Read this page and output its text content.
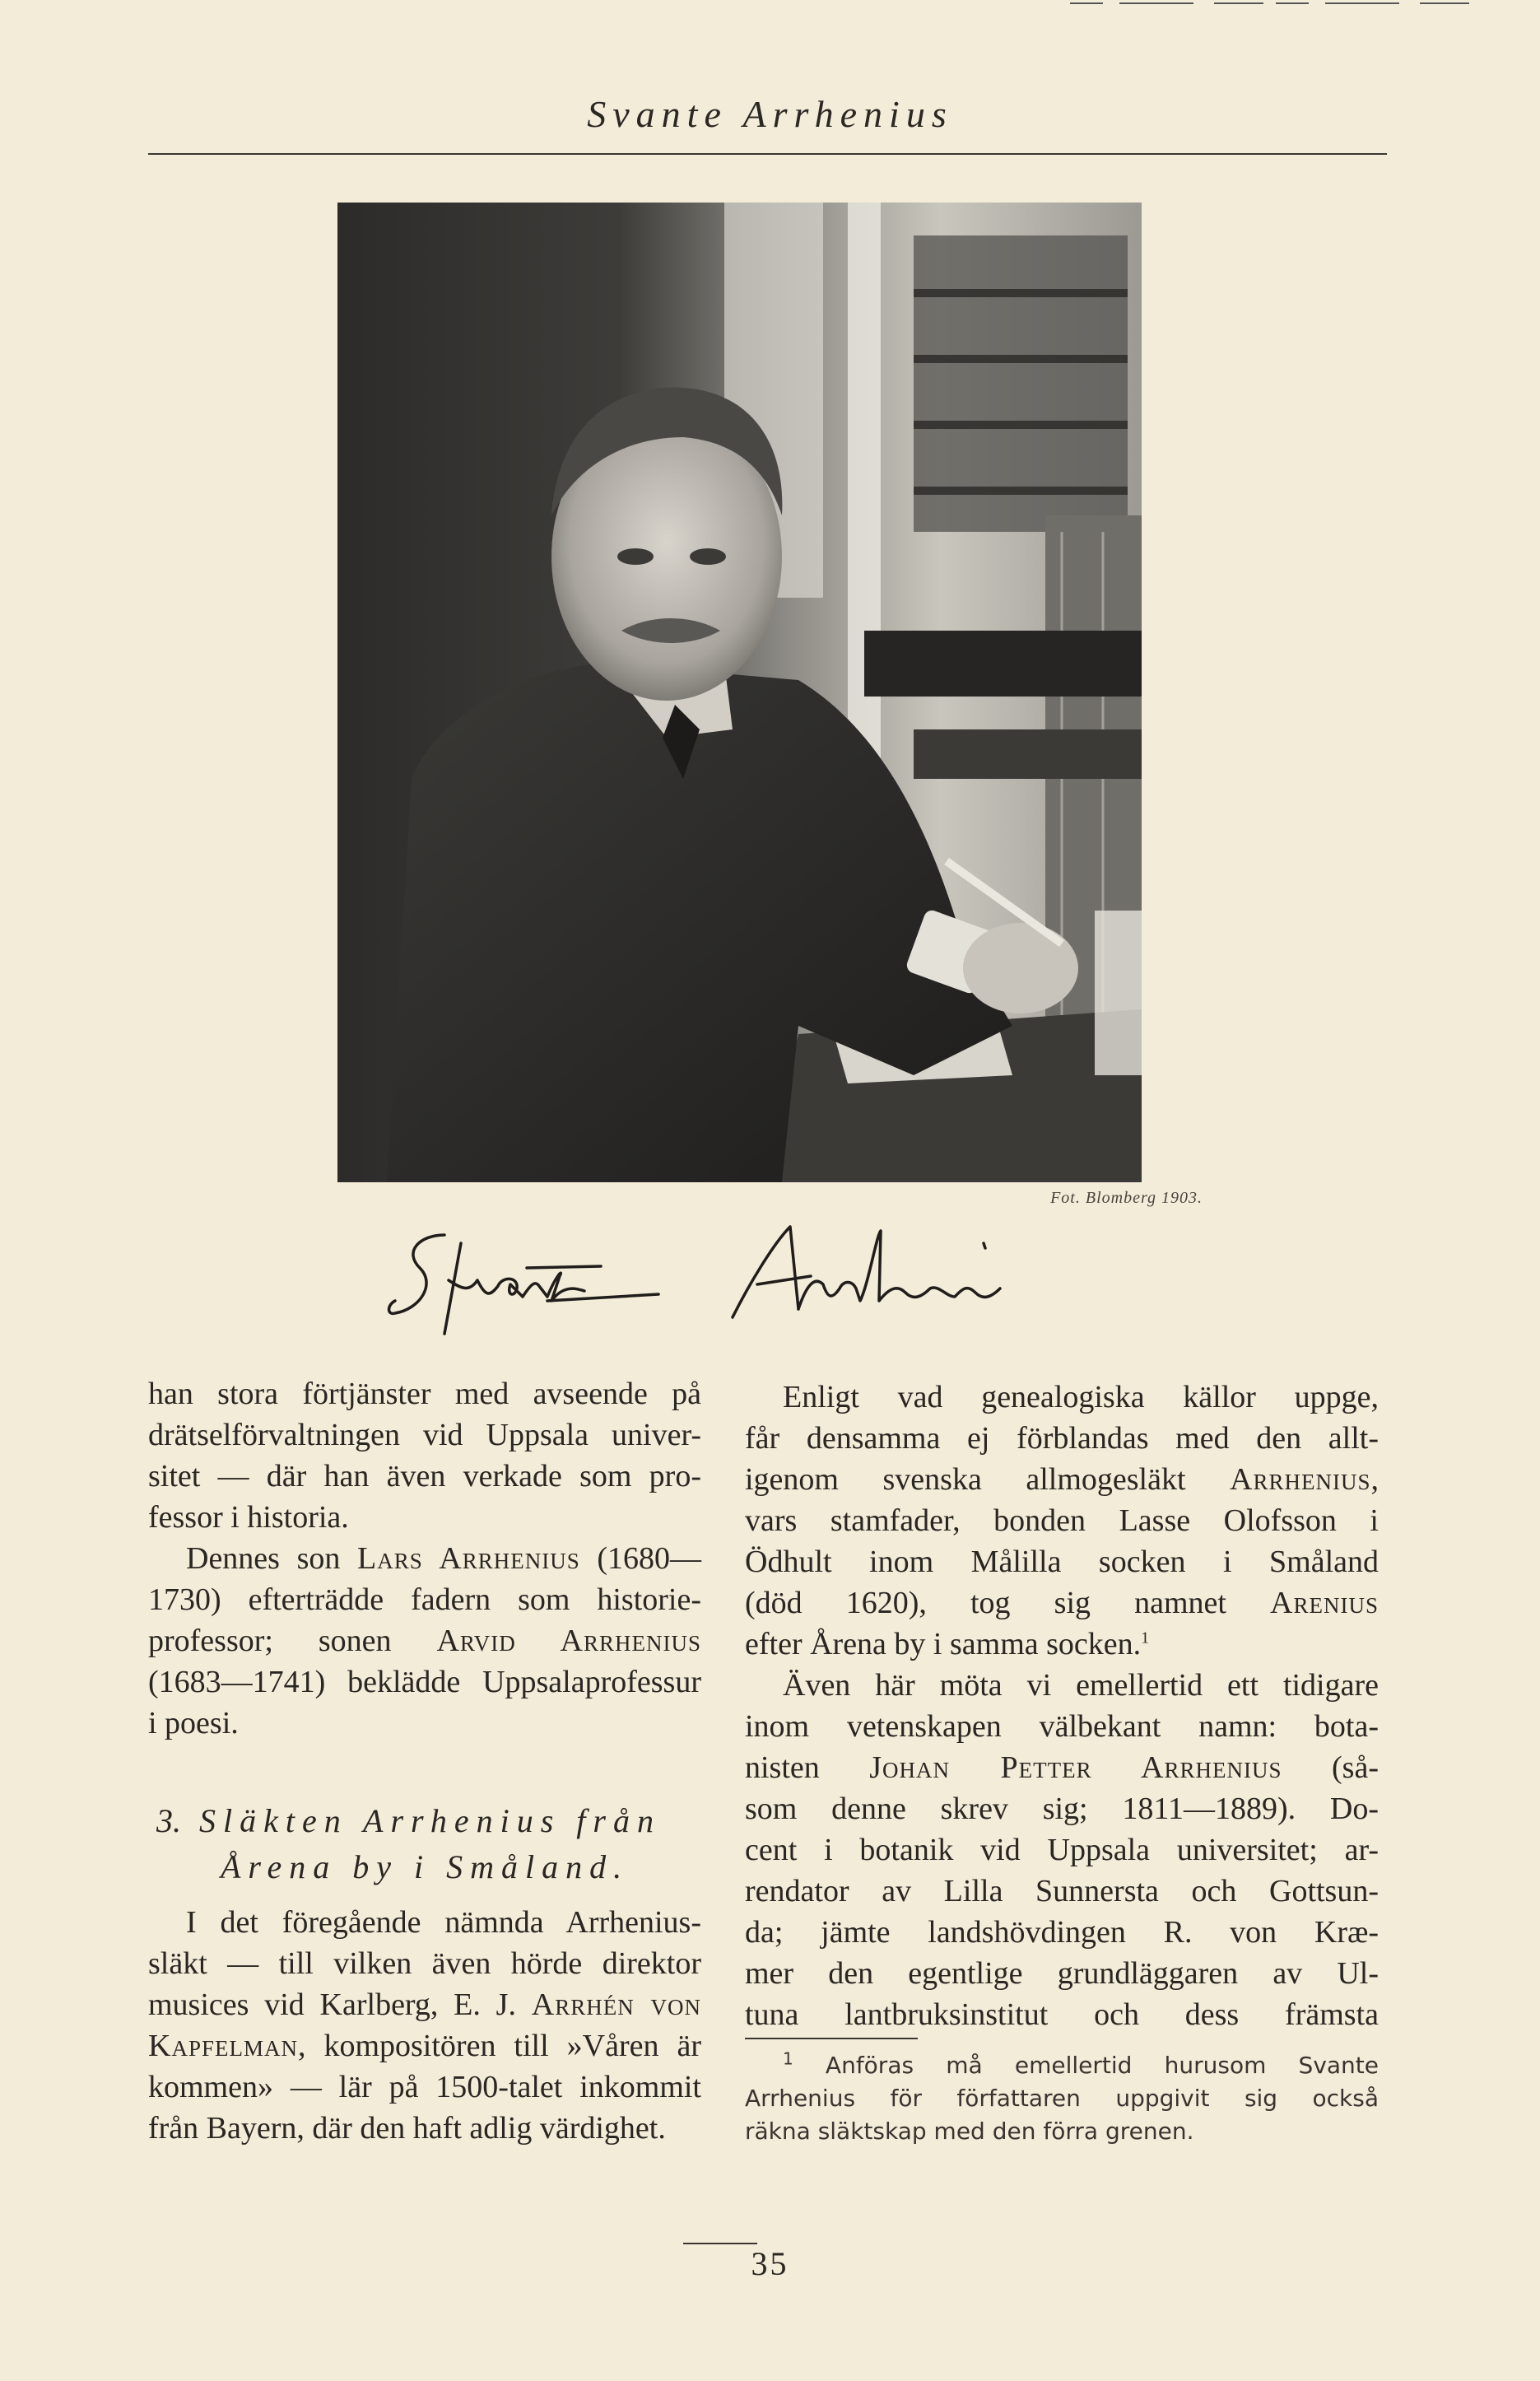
Svante Arrhenius
Fot. Blomberg 1903.

han stora förtjänster med avseende på
drätselförvaltningen vid Uppsala univer-
sitet — där han även verkade som pro-
fessor i historia.

Dennes son Lars Arrhenius (1680—
1730) efterträdde fadern som historie-
professor; sonen Arvid Arrhenius
(1683—1741) beklädde Uppsalaprofessur
i poesi.

3. Släkten Arrhenius från
Årena by i Småland.

I det föregående nämnda Arrhenius-
släkt — till vilken även hörde direktor
musices vid Karlberg, E. J. Arrhén von
Kapfelman, kompositören till »Våren är
kommen» — lär på 1500-talet inkommit
från Bayern, där den haft adlig värdighet.

Enligt vad genealogiska källor uppge,
får densamma ej förblandas med den allt-
igenom svenska allmogesläkt Arrhenius,
vars stamfader, bonden Lasse Olofsson i
Ödhult inom Målilla socken i Småland
(död 1620), tog sig namnet Arenius
efter Årena by i samma socken.$^1$
Även här möta vi emellertid ett tidigare
inom vetenskapen välbekant namn: bota-
nisten Johan Petter Arrhenius (så-
som denne skrev sig; 1811—1889). Do-
cent i botanik vid Uppsala universitet; ar-
rendator av Lilla Sunnersta och Gottsun-
da; jämte landshövdingen R. von Kræ-
mer den egentlige grundläggaren av Ul-
tuna lantbruksinstitut och dess främsta

$^1$ Anföras må emellertid hurusom Svante

Arrhenius för författaren uppgivit sig också

räkna släktskap med den förra grenen.

35
